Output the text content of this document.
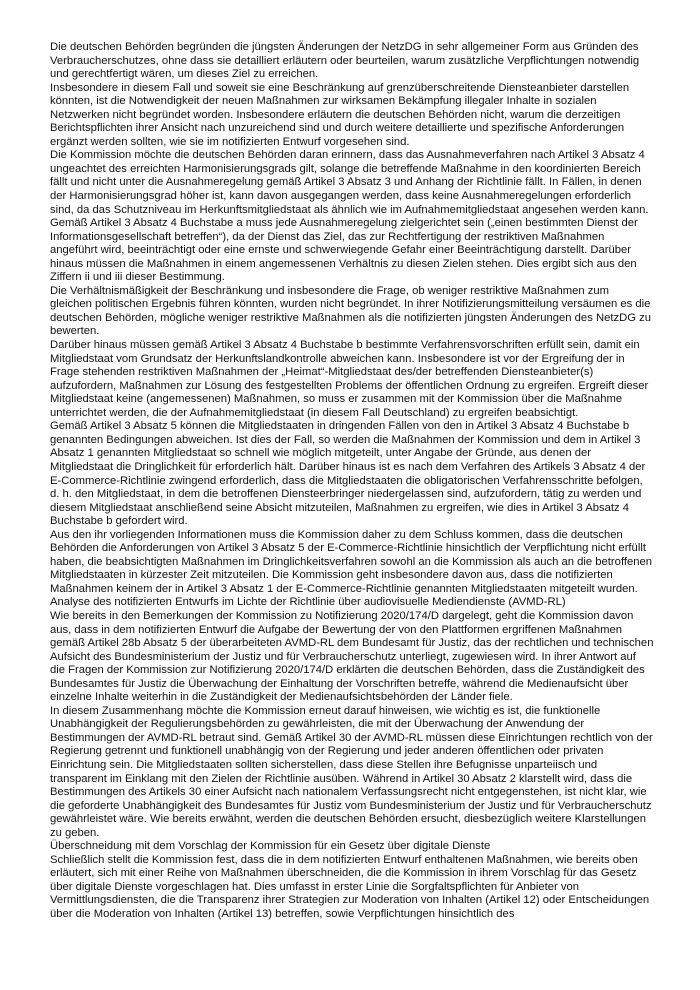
Die deutschen Behörden begründen die jüngsten Änderungen der NetzDG in sehr allgemeiner Form aus Gründen des Verbraucherschutzes, ohne dass sie detailliert erläutern oder beurteilen, warum zusätzliche Verpflichtungen notwendig und gerechtfertigt wären, um dieses Ziel zu erreichen.

Insbesondere in diesem Fall und soweit sie eine Beschränkung auf grenzüberschreitende Diensteanbieter darstellen könnten, ist die Notwendigkeit der neuen Maßnahmen zur wirksamen Bekämpfung illegaler Inhalte in sozialen Netzwerken nicht begründet worden. Insbesondere erläutern die deutschen Behörden nicht, warum die derzeitigen Berichtspflichten ihrer Ansicht nach unzureichend sind und durch weitere detaillierte und spezifische Anforderungen ergänzt werden sollten, wie sie im notifizierten Entwurf vorgesehen sind.

Die Kommission möchte die deutschen Behörden daran erinnern, dass das Ausnahmeverfahren nach Artikel 3 Absatz 4 ungeachtet des erreichten Harmonisierungsgrads gilt, solange die betreffende Maßnahme in den koordinierten Bereich fällt und nicht unter die Ausnahmeregelung gemäß Artikel 3 Absatz 3 und Anhang der Richtlinie fällt. In Fällen, in denen der Harmonisierungsgrad höher ist, kann davon ausgegangen werden, dass keine Ausnahmeregelungen erforderlich sind, da das Schutzniveau im Herkunftsmitgliedstaat als ähnlich wie im Aufnahmemitgliedstaat angesehen werden kann.

Gemäß Artikel 3 Absatz 4 Buchstabe a muss jede Ausnahmeregelung zielgerichtet sein („einen bestimmten Dienst der Informationsgesellschaft betreffen“), da der Dienst das Ziel, das zur Rechtfertigung der restriktiven Maßnahmen angeführt wird, beeinträchtigt oder eine ernste und schwerwiegende Gefahr einer Beeinträchtigung darstellt. Darüber hinaus müssen die Maßnahmen in einem angemessenen Verhältnis zu diesen Zielen stehen. Dies ergibt sich aus den Ziffern ii und iii dieser Bestimmung.

Die Verhältnismäßigkeit der Beschränkung und insbesondere die Frage, ob weniger restriktive Maßnahmen zum gleichen politischen Ergebnis führen könnten, wurden nicht begründet. In ihrer Notifizierungsmitteilung versäumen es die deutschen Behörden, mögliche weniger restriktive Maßnahmen als die notifizierten jüngsten Änderungen des NetzDG zu bewerten.

Darüber hinaus müssen gemäß Artikel 3 Absatz 4 Buchstabe b bestimmte Verfahrensvorschriften erfüllt sein, damit ein Mitgliedstaat vom Grundsatz der Herkunftslandkontrolle abweichen kann. Insbesondere ist vor der Ergreifung der in Frage stehenden restriktiven Maßnahmen der „Heimat“-Mitgliedstaat des/der betreffenden Diensteanbieter(s) aufzufordern, Maßnahmen zur Lösung des festgestellten Problems der öffentlichen Ordnung zu ergreifen. Ergreift dieser Mitgliedstaat keine (angemessenen) Maßnahmen, so muss er zusammen mit der Kommission über die Maßnahme unterrichtet werden, die der Aufnahmemitgliedstaat (in diesem Fall Deutschland) zu ergreifen beabsichtigt.

Gemäß Artikel 3 Absatz 5 können die Mitgliedstaaten in dringenden Fällen von den in Artikel 3 Absatz 4 Buchstabe b genannten Bedingungen abweichen. Ist dies der Fall, so werden die Maßnahmen der Kommission und dem in Artikel 3 Absatz 1 genannten Mitgliedstaat so schnell wie möglich mitgeteilt, unter Angabe der Gründe, aus denen der Mitgliedstaat die Dringlichkeit für erforderlich hält. Darüber hinaus ist es nach dem Verfahren des Artikels 3 Absatz 4 der E-Commerce-Richtlinie zwingend erforderlich, dass die Mitgliedstaaten die obligatorischen Verfahrensschritte befolgen, d. h. den Mitgliedstaat, in dem die betroffenen Diensteerbringer niedergelassen sind, aufzufordern, tätig zu werden und diesem Mitgliedstaat anschließend seine Absicht mitzuteilen, Maßnahmen zu ergreifen, wie dies in Artikel 3 Absatz 4 Buchstabe b gefordert wird.

Aus den ihr vorliegenden Informationen muss die Kommission daher zu dem Schluss kommen, dass die deutschen Behörden die Anforderungen von Artikel 3 Absatz 5 der E-Commerce-Richtlinie hinsichtlich der Verpflichtung nicht erfüllt haben, die beabsichtigten Maßnahmen im Dringlichkeitsverfahren sowohl an die Kommission als auch an die betroffenen Mitgliedstaaten in kürzester Zeit mitzuteilen. Die Kommission geht insbesondere davon aus, dass die notifizierten Maßnahmen keinem der in Artikel 3 Absatz 1 der E-Commerce-Richtlinie genannten Mitgliedstaaten mitgeteilt wurden.

Analyse des notifizierten Entwurfs im Lichte der Richtlinie über audiovisuelle Mediendienste (AVMD-RL)

Wie bereits in den Bemerkungen der Kommission zu Notifizierung 2020/174/D dargelegt, geht die Kommission davon aus, dass in dem notifizierten Entwurf die Aufgabe der Bewertung der von den Plattformen ergriffenen Maßnahmen gemäß Artikel 28b Absatz 5 der überarbeiteten AVMD-RL dem Bundesamt für Justiz, das der rechtlichen und technischen Aufsicht des Bundesministerium der Justiz und für Verbraucherschutz unterliegt, zugewiesen wird. In ihrer Antwort auf die Fragen der Kommission zur Notifizierung 2020/174/D erklärten die deutschen Behörden, dass die Zuständigkeit des Bundesamtes für Justiz die Überwachung der Einhaltung der Vorschriften betreffe, während die Medienaufsicht über einzelne Inhalte weiterhin in die Zuständigkeit der Medienaufsichtsbehörden der Länder fiele.

In diesem Zusammenhang möchte die Kommission erneut darauf hinweisen, wie wichtig es ist, die funktionelle Unabhängigkeit der Regulierungsbehörden zu gewährleisten, die mit der Überwachung der Anwendung der Bestimmungen der AVMD-RL betraut sind. Gemäß Artikel 30 der AVMD-RL müssen diese Einrichtungen rechtlich von der Regierung getrennt und funktionell unabhängig von der Regierung und jeder anderen öffentlichen oder privaten Einrichtung sein. Die Mitgliedstaaten sollten sicherstellen, dass diese Stellen ihre Befugnisse unparteiisch und transparent im Einklang mit den Zielen der Richtlinie ausüben. Während in Artikel 30 Absatz 2 klarstellt wird, dass die Bestimmungen des Artikels 30 einer Aufsicht nach nationalem Verfassungsrecht nicht entgegenstehen, ist nicht klar, wie die geforderte Unabhängigkeit des Bundesamtes für Justiz vom Bundesministerium der Justiz und für Verbraucherschutz gewährleistet wäre. Wie bereits erwähnt, werden die deutschen Behörden ersucht, diesbezüglich weitere Klarstellungen zu geben.

Überschneidung mit dem Vorschlag der Kommission für ein Gesetz über digitale Dienste

Schließlich stellt die Kommission fest, dass die in dem notifizierten Entwurf enthaltenen Maßnahmen, wie bereits oben erläutert, sich mit einer Reihe von Maßnahmen überschneiden, die die Kommission in ihrem Vorschlag für das Gesetz über digitale Dienste vorgeschlagen hat. Dies umfasst in erster Linie die Sorgfaltspflichten für Anbieter von Vermittlungsdiensten, die die Transparenz ihrer Strategien zur Moderation von Inhalten (Artikel 12) oder Entscheidungen über die Moderation von Inhalten (Artikel 13) betreffen, sowie Verpflichtungen hinsichtlich des
